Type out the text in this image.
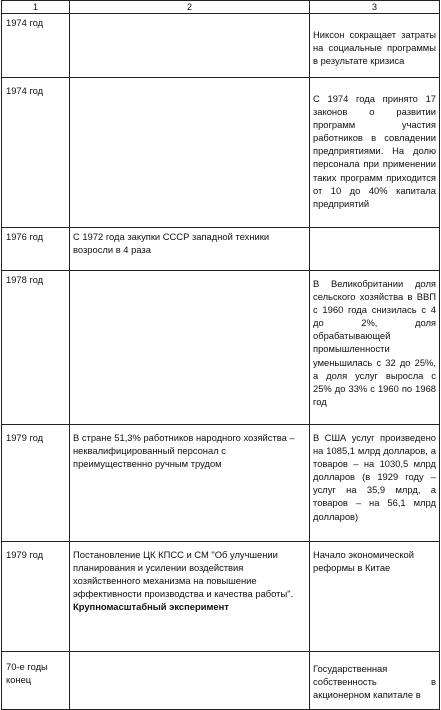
1	2	3
1974 год		Никсон сокращает затраты на социальные программы в результате кризиса
1974 год		С 1974 года принято 17 законов о развитии программ участия работников в совладении предприятиями. На долю персонала при применении таких программ приходится от 10 до 40% капитала предприятий
1976 год	С 1972 года закупки СССР западной техники возросли в 4 раза	
1978 год		В Великобритании доля сельского хозяйства в ВВП с 1960 года снизилась с 4 до 2%, доля обрабатывающей промышленности уменьшилась с 32 до 25%, а доля услуг выросла с 25% до 33% с 1960 по 1968 год
1979 год	В стране 51,3% работников народного хозяйства – неквалифицированный персонал с преимущественно ручным трудом	В США услуг произведено на 1085,1 млрд долларов, а товаров – на 1030,5 млрд долларов (в 1929 году – услуг на 35,9 млрд, а товаров – на 56,1 млрд долларов)
1979 год	Постановление ЦК КПСС и СМ "Об улучшении планирования и усилении воздействия хозяйственного механизма на повышение эффективности производства и качества работы". Крупномасштабный эксперимент	Начало экономической реформы в Китае
70-е годы конец		Государственная собственность в акционерном капитале в
